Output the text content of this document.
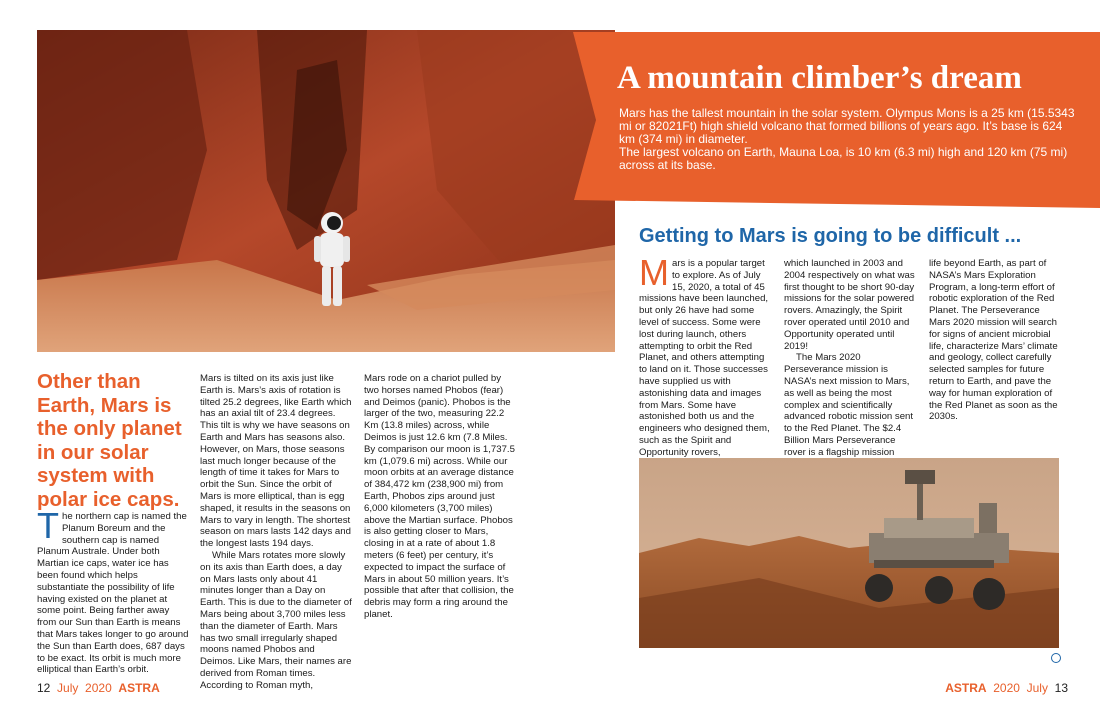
A mountain climber’s dream

Mars has the tallest mountain in the solar system. Olympus Mons is a 25 km (15.5343 mi or 82021Ft) high shield volcano that formed billions of years ago. It’s base is 624 km (374 mi) in diameter.

The largest volcano on Earth, Mauna Loa, is 10 km (6.3 mi) high and 120 km (75 mi) across at its base.

Getting to Mars is going to be difficult ...
Other than Earth, Mars is the only planet in our solar system with polar ice caps.

The northern cap is named the Planum Boreum and the southern cap is named Planum Australe. Under both Martian ice caps, water ice has been found which helps substantiate the possibility of life having existed on the planet at some point. Being farther away from our Sun than Earth is means that Mars takes longer to go around the Sun than Earth does, 687 days to be exact. Its orbit is much more elliptical than Earth’s orbit.

Mars is tilted on its axis just like Earth is. Mars’s axis of rotation is tilted 25.2 degrees, like Earth which has an axial tilt of 23.4 degrees. This tilt is why we have seasons on Earth and Mars has seasons also. However, on Mars, those seasons last much longer because of the length of time it takes for Mars to orbit the Sun. Since the orbit of Mars is more elliptical, than is egg shaped, it results in the seasons on Mars to vary in length. The shortest season on mars lasts 142 days and the longest lasts 194 days.

While Mars rotates more slowly on its axis than Earth does, a day on Mars lasts only about 41 minutes longer than a Day on Earth. This is due to the diameter of Mars being about 3,700 miles less than the diameter of Earth. Mars has two small irregularly shaped moons named Phobos and Deimos. Like Mars, their names are derived from Roman times. According to Roman myth,

Mars rode on a chariot pulled by two horses named Phobos (fear) and Deimos (panic). Phobos is the larger of the two, measuring 22.2 Km (13.8 miles) across, while Deimos is just 12.6 km (7.8 Miles. By comparison our moon is 1,737.5 km (1,079.6 mi) across. While our moon orbits at an average distance of 384,472 km (238,900 mi) from Earth, Phobos zips around just 6,000 kilometers (3,700 miles) above the Martian surface. Phobos is also getting closer to Mars, closing in at a rate of about 1.8 meters (6 feet) per century, it’s expected to impact the surface of Mars in about 50 million years. It’s possible that after that collision, the debris may form a ring around the planet.

Mars is a popular target to explore. As of July 15, 2020, a total of 45 missions have been launched, but only 26 have had some level of success. Some were lost during launch, others attempting to orbit the Red Planet, and others attempting to land on it. Those successes have supplied us with astonishing data and images from Mars. Some have astonished both us and the engineers who designed them, such as the Spirit and Opportunity rovers,

which launched in 2003 and 2004 respectively on what was first thought to be short 90-day missions for the solar powered rovers. Amazingly, the Spirit rover operated until 2010 and Opportunity operated until 2019!

The Mars 2020 Perseverance mission is NASA’s next mission to Mars, as well as being the most complex and scientifically advanced robotic mission sent to the Red Planet. The $2.4 Billion Mars Perseverance rover is a flagship mission

life beyond Earth, as part of NASA’s Mars Exploration Program, a long-term effort of robotic exploration of the Red Planet. The Perseverance Mars 2020 mission will search for signs of ancient microbial life, characterize Mars’ climate and geology, collect carefully selected samples for future return to Earth, and pave the way for human exploration of the Red Planet as soon as the 2030s.

12 July 2020 ASTRA	ASTRA 2020 July 13
